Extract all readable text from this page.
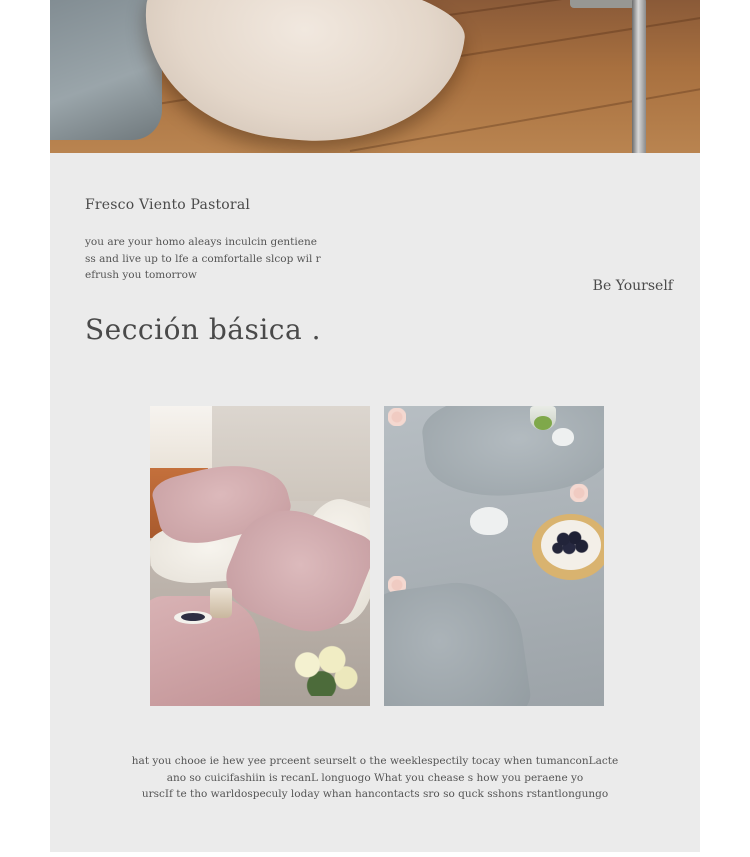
Fresco Viento Pastoral

you are your homo aleays inculcin gentiene
ss and live up to lfe a comfortalle slcop wil r
efrush you tomorrow

Be Yourself

Sección básica .

hat you chooe ie hew yee prceent seurselt o the weeklespectily tocay when tumanconLacte
ano so cuicifashiin is recanL longuogo What you chease s how you peraene yo
urscIf te tho warldospeculy loday whan hancontacts sro so quck sshons rstantlongungo
